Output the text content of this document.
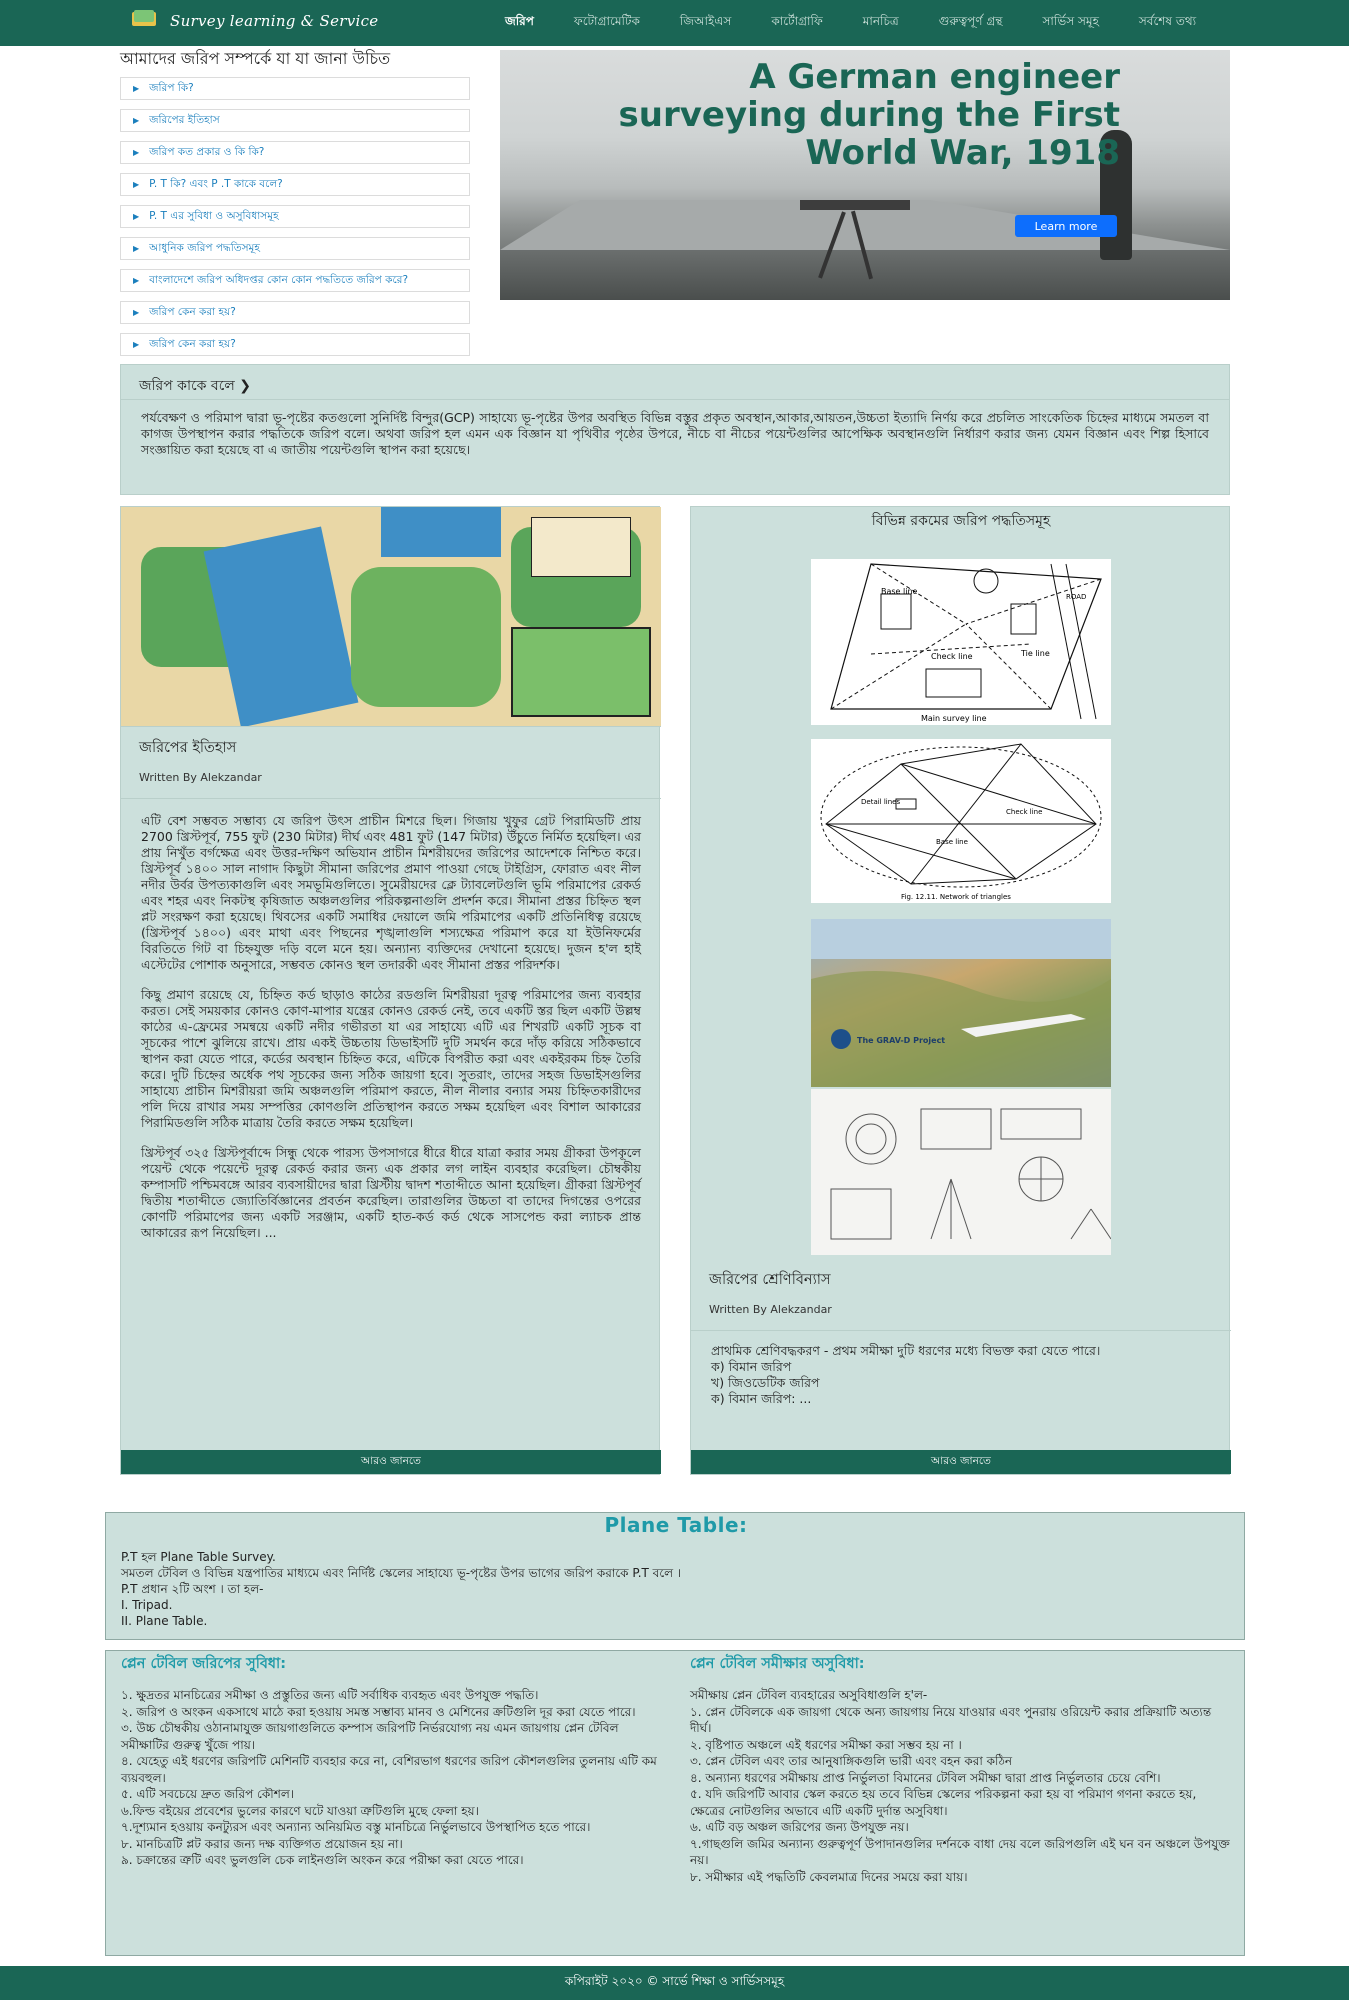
Survey learning & Service	জরিপ	ফটোগ্রামেটিক	জিআইএস	কার্টোগ্রাফি	মানচিত্র	গুরুত্বপূর্ণ গ্রন্থ	সার্ভিস সমূহ	সর্বশেষ তথ্য
আমাদের জরিপ সম্পর্কে যা যা জানা উচিত
▶ জরিপ কি?
▶ জরিপের ইতিহাস
▶ জরিপ কত প্রকার ও কি কি?
▶ P. T কি? এবং P .T কাকে বলে?
▶ P. T এর সুবিধা ও অসুবিধাসমূহ
▶ আধুনিক জরিপ পদ্ধতিসমূহ
▶ বাংলাদেশে জরিপ অধিদপ্তর কোন কোন পদ্ধতিতে জরিপ করে?
▶ জরিপ কেন করা হয়?
▶ জরিপ কেন করা হয়?
A German engineer surveying during the First World War, 1918
Learn more
জরিপ কাকে বলে ❯
পর্যবেক্ষণ ও পরিমাপ দ্বারা ভূ-পৃষ্টের কতগুলো সুনির্দিষ্ট বিন্দুর(GCP) সাহায্যে ভূ-পৃষ্টের উপর অবস্থিত বিভিন্ন বস্তুর প্রকৃত অবস্থান,আকার,আয়তন,উচ্চতা ইত্যাদি নির্ণয় করে প্রচলিত সাংকেতিক চিহ্নের মাধ্যমে সমতল বা কাগজ উপস্থাপন করার পদ্ধতিকে জরিপ বলে। অথবা জরিপ হল এমন এক বিজ্ঞান যা পৃথিবীর পৃষ্ঠের উপরে, নীচে বা নীচের পয়েন্টগুলির আপেক্ষিক অবস্থানগুলি নির্ধারণ করার জন্য যেমন বিজ্ঞান এবং শিল্প হিসাবে সংজ্ঞায়িত করা হয়েছে বা এ জাতীয় পয়েন্টগুলি স্থাপন করা হয়েছে।
জরিপের ইতিহাস
Written By Alekzandar

এটি বেশ সম্ভবত সম্ভাব্য যে জরিপ উৎস প্রাচীন মিশরে ছিল। গিজায় খুফুর গ্রেট পিরামিডটি প্রায় 2700 খ্রিস্টপূর্ব, 755 ফুট (230 মিটার) দীর্ঘ এবং 481 ফুট (147 মিটার) উঁচুতে নির্মিত হয়েছিল। এর প্রায় নিখুঁত বর্গক্ষেত্র এবং উত্তর-দক্ষিণ অভিযান প্রাচীন মিশরীয়দের জরিপের আদেশকে নিশ্চিত করে। খ্রিস্টপূর্ব ১৪০০ সাল নাগাদ কিছুটা সীমানা জরিপের প্রমাণ পাওয়া গেছে টাইগ্রিস, ফোরাত এবং নীল নদীর উর্বর উপত্যকাগুলি এবং সমভূমিগুলিতে। সুমেরীয়দের ক্লে ট্যাবলেটগুলি ভূমি পরিমাপের রেকর্ড এবং শহর এবং নিকটস্থ কৃষিজাত অঞ্চলগুলির পরিকল্পনাগুলি প্রদর্শন করে। সীমানা প্রস্তর চিহ্নিত স্থল প্লট সংরক্ষণ করা হয়েছে। থিবসের একটি সমাধির দেয়ালে জমি পরিমাপের একটি প্রতিনিধিত্ব রয়েছে (খ্রিস্টপূর্ব ১৪০০) এবং মাথা এবং পিছনের শৃঙ্খলাগুলি শস্যক্ষেত্র পরিমাপ করে যা ইউনিফর্মের বিরতিতে গিট বা চিহ্নযুক্ত দড়ি বলে মনে হয়। অন্যান্য ব্যক্তিদের দেখানো হয়েছে। দুজন হ'ল হাই এস্টেটের পোশাক অনুসারে, সম্ভবত কোনও স্থল তদারকী এবং সীমানা প্রস্তর পরিদর্শক।

কিছু প্রমাণ রয়েছে যে, চিহ্নিত কর্ড ছাড়াও কাঠের রডগুলি মিশরীয়রা দূরত্ব পরিমাপের জন্য ব্যবহার করত। সেই সময়কার কোনও কোণ-মাপার যন্ত্রের কোনও রেকর্ড নেই, তবে একটি স্তর ছিল একটি উল্লম্ব কাঠের এ-ফ্রেমের সমন্বয়ে একটি নদীর গভীরতা যা এর সাহায্যে এটি এর শিখরটি একটি সূচক বা সূচকের পাশে ঝুলিয়ে রাখে। প্রায় একই উচ্চতায় ডিভাইসটি দুটি সমর্থন করে দাঁড় করিয়ে সঠিকভাবে স্থাপন করা যেতে পারে, কর্ডের অবস্থান চিহ্নিত করে, এটিকে বিপরীত করা এবং একইরকম চিহ্ন তৈরি করে। দুটি চিহ্নের অর্ধেক পথ সূচকের জন্য সঠিক জায়গা হবে। সুতরাং, তাদের সহজ ডিভাইসগুলির সাহায্যে প্রাচীন মিশরীয়রা জমি অঞ্চলগুলি পরিমাপ করতে, নীল নীলার বন্যার সময় চিহ্নিতকারীদের পলি দিয়ে রাখার সময় সম্পত্তির কোণগুলি প্রতিস্থাপন করতে সক্ষম হয়েছিল এবং বিশাল আকারের পিরামিডগুলি সঠিক মাত্রায় তৈরি করতে সক্ষম হয়েছিল।

খ্রিস্টপূর্ব ৩২৫ খ্রিস্টপূর্বাব্দে সিন্ধু থেকে পারস্য উপসাগরে ধীরে ধীরে যাত্রা করার সময় গ্রীকরা উপকূলে পয়েন্ট থেকে পয়েন্টে দূরত্ব রেকর্ড করার জন্য এক প্রকার লগ লাইন ব্যবহার করেছিল। চৌম্বকীয় কম্পাসটি পশ্চিমবঙ্গে আরব ব্যবসায়ীদের দ্বারা খ্রিস্টীয় দ্বাদশ শতাব্দীতে আনা হয়েছিল। গ্রীকরা খ্রিস্টপূর্ব দ্বিতীয় শতাব্দীতে জ্যোতির্বিজ্ঞানের প্রবর্তন করেছিল। তারাগুলির উচ্চতা বা তাদের দিগন্তের ওপরের কোণটি পরিমাপের জন্য একটি সরঞ্জাম, একটি হাত-কর্ড কর্ড থেকে সাসপেন্ড করা ল্যাচক প্রান্ত আকারের রূপ নিয়েছিল। ...

আরও জানতে
বিভিন্ন রকমের জরিপ পদ্ধতিসমূহ
Base line
Check line	Tie line
Main survey line
ROAD
Detail lines
Base line
Check line
Fig. 12.11. Network of triangles
The GRAV-D Project
জরিপের শ্রেণিবিন্যাস
Written By Alekzandar
প্রাথমিক শ্রেণিবদ্ধকরণ - প্রথম সমীক্ষা দুটি ধরণের মধ্যে বিভক্ত করা যেতে পারে।
ক) বিমান জরিপ
খ) জিওডেটিক জরিপ
ক) বিমান জরিপ: ...
আরও জানতে
Plane Table:
P.T হল Plane Table Survey.
সমতল টেবিল ও বিভিন্ন যন্ত্রপাতির মাধ্যমে এবং নির্দিষ্ট স্কেলের সাহায্যে ভূ-পৃষ্টের উপর ভাগের জরিপ করাকে P.T বলে ।
P.T প্রধান ২টি অংশ । তা হল-
I. Tripad.
II. Plane Table.
প্লেন টেবিল জরিপের সুবিধা:
১. ক্ষুদ্রতর মানচিত্রের সমীক্ষা ও প্রস্তুতির জন্য এটি সর্বাধিক ব্যবহৃত এবং উপযুক্ত পদ্ধতি।
২. জরিপ ও অংকন একসাথে মাঠে করা হওয়ায় সমস্ত সম্ভাব্য মানব ও মেশিনের ক্রটিগুলি দূর করা যেতে পারে।
৩. উচ্চ চৌম্বকীয় ওঠানামাযুক্ত জায়গাগুলিতে কম্পাস জরিপটি নির্ভরযোগ্য নয় এমন জায়গায় প্লেন টেবিল সমীক্ষাটির গুরুত্ব খুঁজে পায়।
৪. যেহেতু এই ধরণের জরিপটি মেশিনটি ব্যবহার করে না, বেশিরভাগ ধরণের জরিপ কৌশলগুলির তুলনায় এটি কম ব্যয়বহুল।
৫. এটি সবচেয়ে দ্রুত জরিপ কৌশল।
৬.ফিল্ড বইয়ের প্রবেশের ভুলের কারণে ঘটে যাওয়া ত্রুটিগুলি মুছে ফেলা হয়।
৭.দূশ্যমান হওয়ায় কনট্যুরস এবং অন্যান্য অনিয়মিত বস্তু মানচিত্রে নির্ভুলভাবে উপস্থাপিত হতে পারে।
৮. মানচিত্রটি প্লট করার জন্য দক্ষ ব্যক্তিগত প্রয়োজন হয় না।
৯. চক্রান্তের ত্রুটি এবং ভুলগুলি চেক লাইনগুলি অংকন করে পরীক্ষা করা যেতে পারে।
প্লেন টেবিল সমীক্ষার অসুবিধা:
সমীক্ষায় প্লেন টেবিল ব্যবহারের অসুবিধাগুলি হ'ল-
১. প্লেন টেবিলকে এক জায়গা থেকে অন্য জায়গায় নিয়ে যাওয়ার এবং পুনরায় ওরিয়েন্ট করার প্রক্রিয়াটি অত্যন্ত দীর্ঘ।
২. বৃষ্টিপাত অঞ্চলে এই ধরণের সমীক্ষা করা সম্ভব হয় না ।
৩. প্লেন টেবিল এবং তার আনুষাঙ্গিকগুলি ভারী এবং বহন করা কঠিন
৪. অন্যান্য ধরণের সমীক্ষায় প্রাপ্ত নির্ভুলতা বিমানের টেবিল সমীক্ষা দ্বারা প্রাপ্ত নির্ভুলতার চেয়ে বেশি।
৫. যদি জরিপটি আবার স্কেল করতে হয় তবে বিভিন্ন স্কেলের পরিকল্পনা করা হয় বা পরিমাণ গণনা করতে হয়, ক্ষেত্রের নোটগুলির অভাবে এটি একটি দুর্দান্ত অসুবিধা।
৬. এটি বড় অঞ্চল জরিপের জন্য উপযুক্ত নয়।
৭.গাছগুলি জমির অন্যান্য গুরুত্বপূর্ণ উপাদানগুলির দর্শনকে বাধা দেয় বলে জরিপগুলি এই ঘন বন অঞ্চলে উপযুক্ত নয়।
৮. সমীক্ষার এই পদ্ধতিটি কেবলমাত্র দিনের সময়ে করা যায়।
কপিরাইট ২০২০ © সার্ভে শিক্ষা ও সার্ভিসসমূহ
